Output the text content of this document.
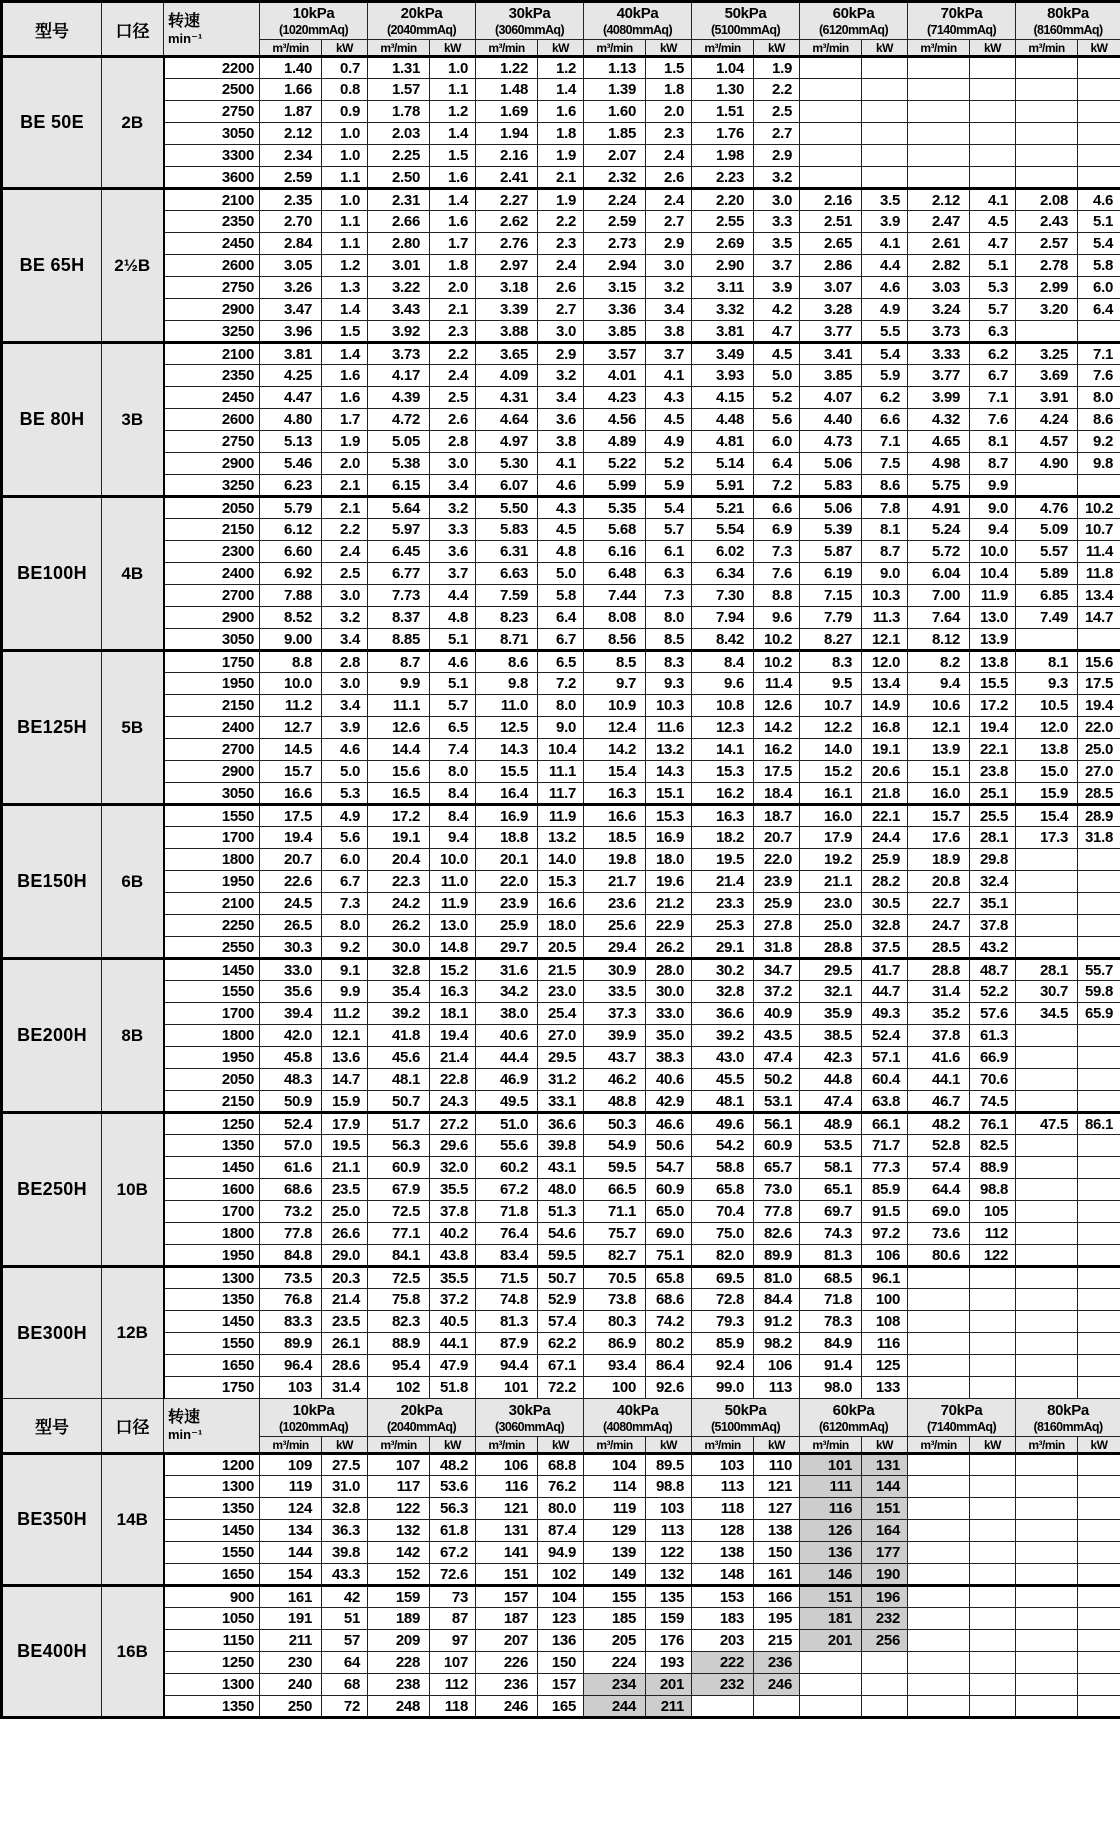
型号	口径	
转速
min⁻¹

10kPa
(1020mmAq)

20kPa
(2040mmAq)

30kPa
(3060mmAq)

40kPa
(4080mmAq)

50kPa
(5100mmAq)

60kPa
(6120mmAq)

70kPa
(7140mmAq)

80kPa
(8160mmAq)

			m³/min	kW	m³/min	kW	m³/min	kW	m³/min	kW	m³/min	kW	m³/min	kW	m³/min	kW	m³/min	kW
BE 50E	2B	2200	1.40	0.7	1.31	1.0	1.22	1.2	1.13	1.5	1.04	1.9						
		2500	1.66	0.8	1.57	1.1	1.48	1.4	1.39	1.8	1.30	2.2						
		2750	1.87	0.9	1.78	1.2	1.69	1.6	1.60	2.0	1.51	2.5						
		3050	2.12	1.0	2.03	1.4	1.94	1.8	1.85	2.3	1.76	2.7						
		3300	2.34	1.0	2.25	1.5	2.16	1.9	2.07	2.4	1.98	2.9						
		3600	2.59	1.1	2.50	1.6	2.41	2.1	2.32	2.6	2.23	3.2						
BE 65H	2½B	2100	2.35	1.0	2.31	1.4	2.27	1.9	2.24	2.4	2.20	3.0	2.16	3.5	2.12	4.1	2.08	4.6
		2350	2.70	1.1	2.66	1.6	2.62	2.2	2.59	2.7	2.55	3.3	2.51	3.9	2.47	4.5	2.43	5.1
		2450	2.84	1.1	2.80	1.7	2.76	2.3	2.73	2.9	2.69	3.5	2.65	4.1	2.61	4.7	2.57	5.4
		2600	3.05	1.2	3.01	1.8	2.97	2.4	2.94	3.0	2.90	3.7	2.86	4.4	2.82	5.1	2.78	5.8
		2750	3.26	1.3	3.22	2.0	3.18	2.6	3.15	3.2	3.11	3.9	3.07	4.6	3.03	5.3	2.99	6.0
		2900	3.47	1.4	3.43	2.1	3.39	2.7	3.36	3.4	3.32	4.2	3.28	4.9	3.24	5.7	3.20	6.4
		3250	3.96	1.5	3.92	2.3	3.88	3.0	3.85	3.8	3.81	4.7	3.77	5.5	3.73	6.3		
BE 80H	3B	2100	3.81	1.4	3.73	2.2	3.65	2.9	3.57	3.7	3.49	4.5	3.41	5.4	3.33	6.2	3.25	7.1
		2350	4.25	1.6	4.17	2.4	4.09	3.2	4.01	4.1	3.93	5.0	3.85	5.9	3.77	6.7	3.69	7.6
		2450	4.47	1.6	4.39	2.5	4.31	3.4	4.23	4.3	4.15	5.2	4.07	6.2	3.99	7.1	3.91	8.0
		2600	4.80	1.7	4.72	2.6	4.64	3.6	4.56	4.5	4.48	5.6	4.40	6.6	4.32	7.6	4.24	8.6
		2750	5.13	1.9	5.05	2.8	4.97	3.8	4.89	4.9	4.81	6.0	4.73	7.1	4.65	8.1	4.57	9.2
		2900	5.46	2.0	5.38	3.0	5.30	4.1	5.22	5.2	5.14	6.4	5.06	7.5	4.98	8.7	4.90	9.8
		3250	6.23	2.1	6.15	3.4	6.07	4.6	5.99	5.9	5.91	7.2	5.83	8.6	5.75	9.9		
BE100H	4B	2050	5.79	2.1	5.64	3.2	5.50	4.3	5.35	5.4	5.21	6.6	5.06	7.8	4.91	9.0	4.76	10.2
		2150	6.12	2.2	5.97	3.3	5.83	4.5	5.68	5.7	5.54	6.9	5.39	8.1	5.24	9.4	5.09	10.7
		2300	6.60	2.4	6.45	3.6	6.31	4.8	6.16	6.1	6.02	7.3	5.87	8.7	5.72	10.0	5.57	11.4
		2400	6.92	2.5	6.77	3.7	6.63	5.0	6.48	6.3	6.34	7.6	6.19	9.0	6.04	10.4	5.89	11.8
		2700	7.88	3.0	7.73	4.4	7.59	5.8	7.44	7.3	7.30	8.8	7.15	10.3	7.00	11.9	6.85	13.4
		2900	8.52	3.2	8.37	4.8	8.23	6.4	8.08	8.0	7.94	9.6	7.79	11.3	7.64	13.0	7.49	14.7
		3050	9.00	3.4	8.85	5.1	8.71	6.7	8.56	8.5	8.42	10.2	8.27	12.1	8.12	13.9		
BE125H	5B	1750	8.8	2.8	8.7	4.6	8.6	6.5	8.5	8.3	8.4	10.2	8.3	12.0	8.2	13.8	8.1	15.6
		1950	10.0	3.0	9.9	5.1	9.8	7.2	9.7	9.3	9.6	11.4	9.5	13.4	9.4	15.5	9.3	17.5
		2150	11.2	3.4	11.1	5.7	11.0	8.0	10.9	10.3	10.8	12.6	10.7	14.9	10.6	17.2	10.5	19.4
		2400	12.7	3.9	12.6	6.5	12.5	9.0	12.4	11.6	12.3	14.2	12.2	16.8	12.1	19.4	12.0	22.0
		2700	14.5	4.6	14.4	7.4	14.3	10.4	14.2	13.2	14.1	16.2	14.0	19.1	13.9	22.1	13.8	25.0
		2900	15.7	5.0	15.6	8.0	15.5	11.1	15.4	14.3	15.3	17.5	15.2	20.6	15.1	23.8	15.0	27.0
		3050	16.6	5.3	16.5	8.4	16.4	11.7	16.3	15.1	16.2	18.4	16.1	21.8	16.0	25.1	15.9	28.5
BE150H	6B	1550	17.5	4.9	17.2	8.4	16.9	11.9	16.6	15.3	16.3	18.7	16.0	22.1	15.7	25.5	15.4	28.9
		1700	19.4	5.6	19.1	9.4	18.8	13.2	18.5	16.9	18.2	20.7	17.9	24.4	17.6	28.1	17.3	31.8
		1800	20.7	6.0	20.4	10.0	20.1	14.0	19.8	18.0	19.5	22.0	19.2	25.9	18.9	29.8		
		1950	22.6	6.7	22.3	11.0	22.0	15.3	21.7	19.6	21.4	23.9	21.1	28.2	20.8	32.4		
		2100	24.5	7.3	24.2	11.9	23.9	16.6	23.6	21.2	23.3	25.9	23.0	30.5	22.7	35.1		
		2250	26.5	8.0	26.2	13.0	25.9	18.0	25.6	22.9	25.3	27.8	25.0	32.8	24.7	37.8		
		2550	30.3	9.2	30.0	14.8	29.7	20.5	29.4	26.2	29.1	31.8	28.8	37.5	28.5	43.2		
BE200H	8B	1450	33.0	9.1	32.8	15.2	31.6	21.5	30.9	28.0	30.2	34.7	29.5	41.7	28.8	48.7	28.1	55.7
		1550	35.6	9.9	35.4	16.3	34.2	23.0	33.5	30.0	32.8	37.2	32.1	44.7	31.4	52.2	30.7	59.8
		1700	39.4	11.2	39.2	18.1	38.0	25.4	37.3	33.0	36.6	40.9	35.9	49.3	35.2	57.6	34.5	65.9
		1800	42.0	12.1	41.8	19.4	40.6	27.0	39.9	35.0	39.2	43.5	38.5	52.4	37.8	61.3		
		1950	45.8	13.6	45.6	21.4	44.4	29.5	43.7	38.3	43.0	47.4	42.3	57.1	41.6	66.9		
		2050	48.3	14.7	48.1	22.8	46.9	31.2	46.2	40.6	45.5	50.2	44.8	60.4	44.1	70.6		
		2150	50.9	15.9	50.7	24.3	49.5	33.1	48.8	42.9	48.1	53.1	47.4	63.8	46.7	74.5		
BE250H	10B	1250	52.4	17.9	51.7	27.2	51.0	36.6	50.3	46.6	49.6	56.1	48.9	66.1	48.2	76.1	47.5	86.1
		1350	57.0	19.5	56.3	29.6	55.6	39.8	54.9	50.6	54.2	60.9	53.5	71.7	52.8	82.5		
		1450	61.6	21.1	60.9	32.0	60.2	43.1	59.5	54.7	58.8	65.7	58.1	77.3	57.4	88.9		
		1600	68.6	23.5	67.9	35.5	67.2	48.0	66.5	60.9	65.8	73.0	65.1	85.9	64.4	98.8		
		1700	73.2	25.0	72.5	37.8	71.8	51.3	71.1	65.0	70.4	77.8	69.7	91.5	69.0	105		
		1800	77.8	26.6	77.1	40.2	76.4	54.6	75.7	69.0	75.0	82.6	74.3	97.2	73.6	112		
		1950	84.8	29.0	84.1	43.8	83.4	59.5	82.7	75.1	82.0	89.9	81.3	106	80.6	122		
BE300H	12B	1300	73.5	20.3	72.5	35.5	71.5	50.7	70.5	65.8	69.5	81.0	68.5	96.1				
		1350	76.8	21.4	75.8	37.2	74.8	52.9	73.8	68.6	72.8	84.4	71.8	100				
		1450	83.3	23.5	82.3	40.5	81.3	57.4	80.3	74.2	79.3	91.2	78.3	108				
		1550	89.9	26.1	88.9	44.1	87.9	62.2	86.9	80.2	85.9	98.2	84.9	116				
		1650	96.4	28.6	95.4	47.9	94.4	67.1	93.4	86.4	92.4	106	91.4	125				
		1750	103	31.4	102	51.8	101	72.2	100	92.6	99.0	113	98.0	133				
型号	口径	
转速
min⁻¹

10kPa
(1020mmAq)

20kPa
(2040mmAq)

30kPa
(3060mmAq)

40kPa
(4080mmAq)

50kPa
(5100mmAq)

60kPa
(6120mmAq)

70kPa
(7140mmAq)

80kPa
(8160mmAq)

			m³/min	kW	m³/min	kW	m³/min	kW	m³/min	kW	m³/min	kW	m³/min	kW	m³/min	kW	m³/min	kW
BE350H	14B	1200	109	27.5	107	48.2	106	68.8	104	89.5	103	110	101	131				
		1300	119	31.0	117	53.6	116	76.2	114	98.8	113	121	111	144				
		1350	124	32.8	122	56.3	121	80.0	119	103	118	127	116	151				
		1450	134	36.3	132	61.8	131	87.4	129	113	128	138	126	164				
		1550	144	39.8	142	67.2	141	94.9	139	122	138	150	136	177				
		1650	154	43.3	152	72.6	151	102	149	132	148	161	146	190				
BE400H	16B	900	161	42	159	73	157	104	155	135	153	166	151	196				
		1050	191	51	189	87	187	123	185	159	183	195	181	232				
		1150	211	57	209	97	207	136	205	176	203	215	201	256				
		1250	230	64	228	107	226	150	224	193	222	236						
		1300	240	68	238	112	236	157	234	201	232	246						
		1350	250	72	248	118	246	165	244	211								
